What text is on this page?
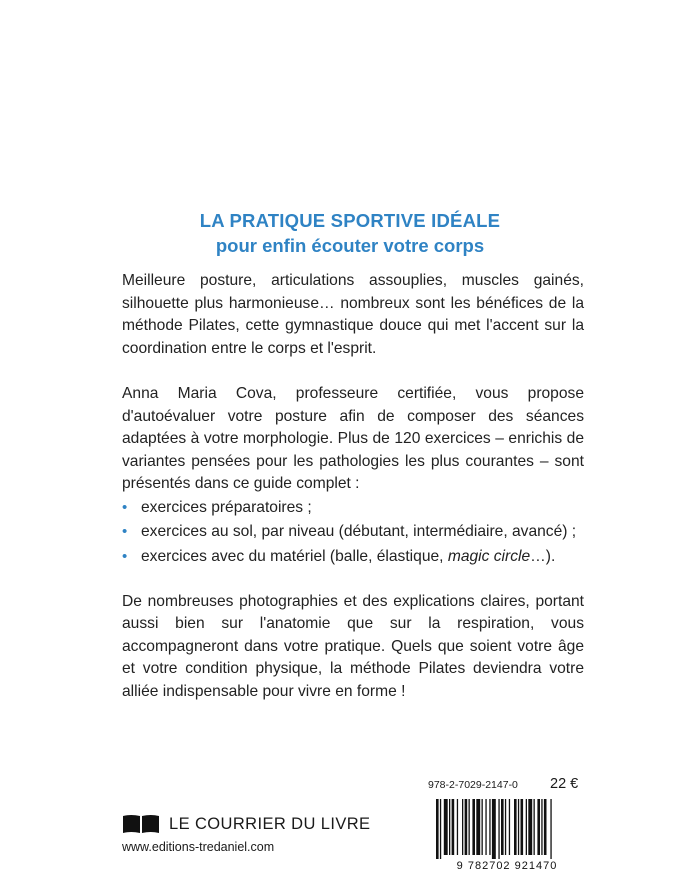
LA PRATIQUE SPORTIVE IDÉALE
pour enfin écouter votre corps

Meilleure posture, articulations assouplies, muscles gainés, silhouette plus harmonieuse… nombreux sont les bénéfices de la méthode Pilates, cette gymnastique douce qui met l'accent sur la coordination entre le corps et l'esprit.

Anna Maria Cova, professeure certifiée, vous propose d'autoévaluer votre posture afin de composer des séances adaptées à votre morphologie. Plus de 120 exercices – enrichis de variantes pensées pour les pathologies les plus courantes – sont présentés dans ce guide complet :

• exercices préparatoires ;
• exercices au sol, par niveau (débutant, intermédiaire, avancé) ;
• exercices avec du matériel (balle, élastique, magic circle…).

De nombreuses photographies et des explications claires, portant aussi bien sur l'anatomie que sur la respiration, vous accompagneront dans votre pratique. Quels que soient votre âge et votre condition physique, la méthode Pilates deviendra votre alliée indispensable pour vivre en forme !

LE COURRIER DU LIVRE
www.editions-tredaniel.com
978-2-7029-2147-0 22 €
9 782702 921470
